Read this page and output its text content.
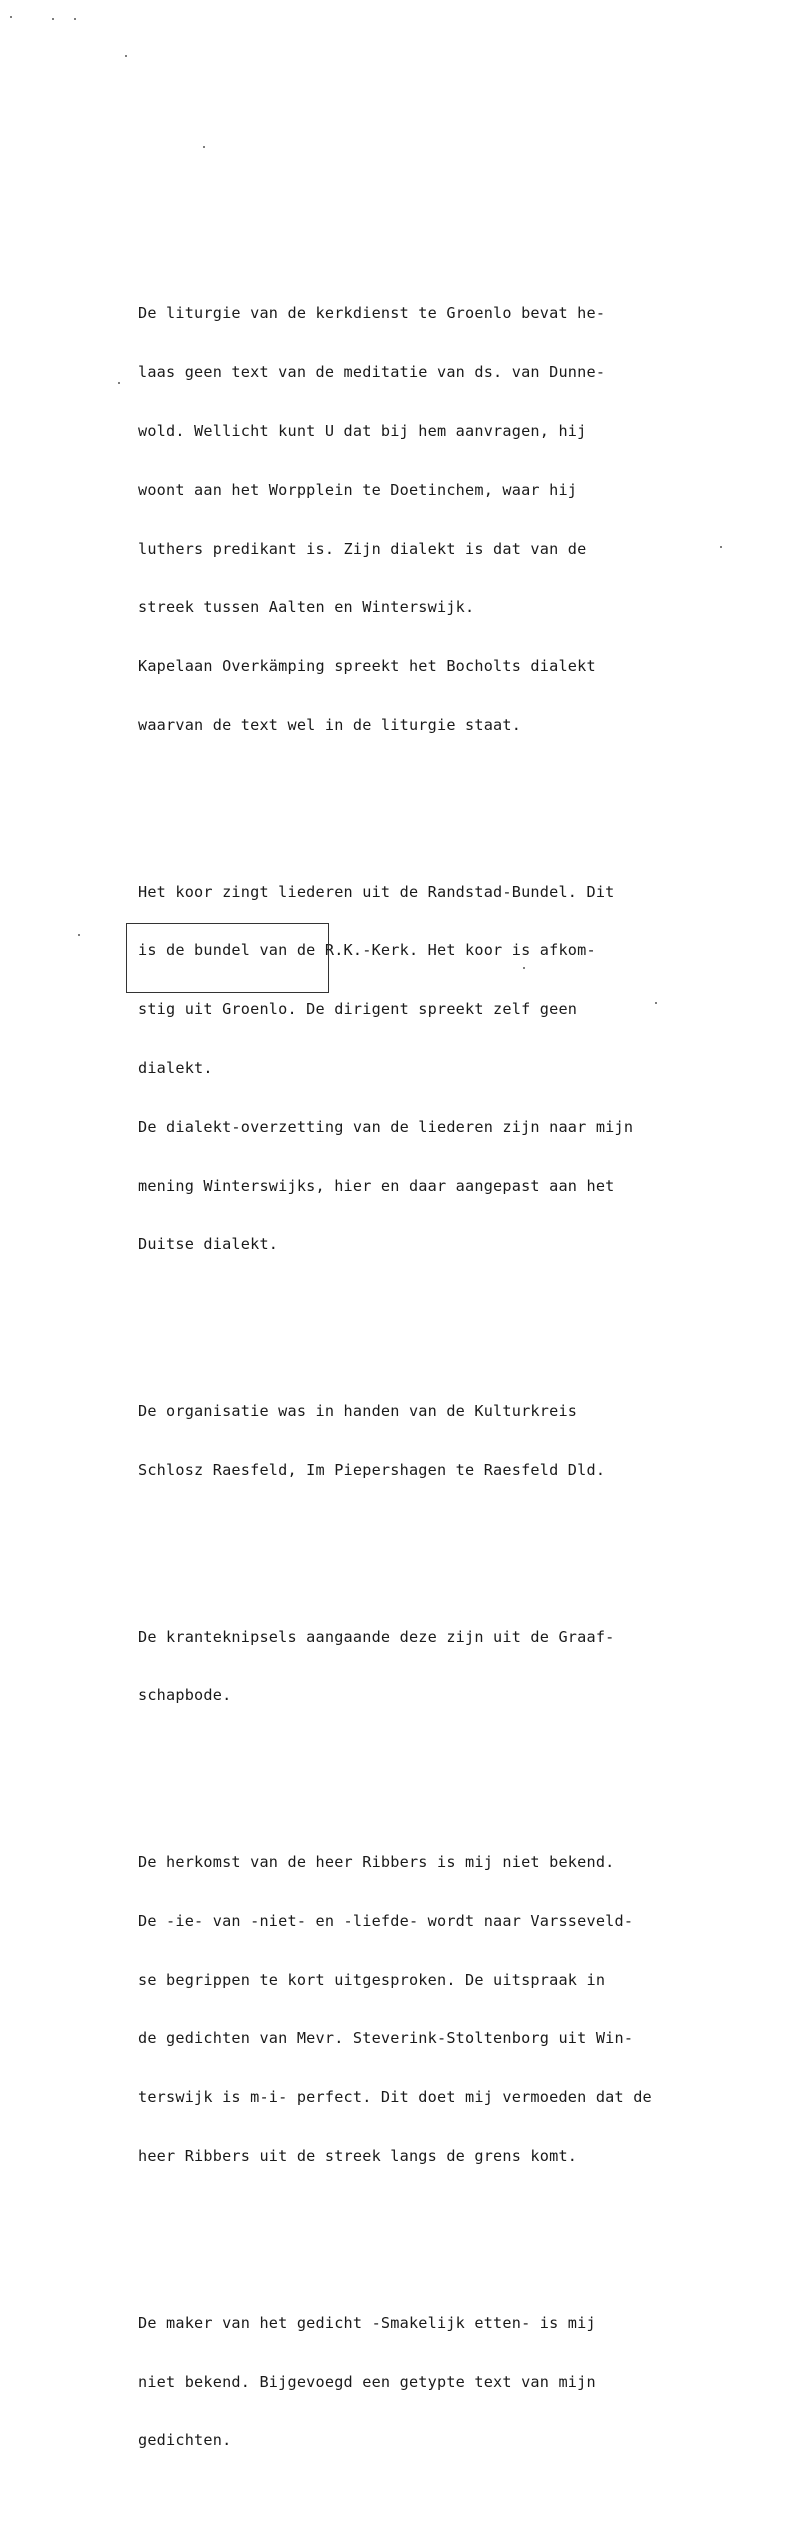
De liturgie van de kerkdienst te Groenlo bevat he-

laas geen text van de meditatie van ds. van Dunne-

wold. Wellicht kunt U dat bij hem aanvragen, hij

woont aan het Worpplein te Doetinchem, waar hij

luthers predikant is. Zijn dialekt is dat van de

streek tussen Aalten en Winterswijk.

Kapelaan Overkämping spreekt het Bocholts dialekt

waarvan de text wel in de liturgie staat.

Het koor zingt liederen uit de Randstad-Bundel. Dit

is de bundel van de R.K.-Kerk. Het koor is afkom-

stig uit Groenlo. De dirigent spreekt zelf geen

dialekt.

De dialekt-overzetting van de liederen zijn naar mijn

mening Winterswijks, hier en daar aangepast aan het

Duitse dialekt.

De organisatie was in handen van de Kulturkreis

Schlosz Raesfeld, Im Piepershagen te Raesfeld Dld.

De kranteknipsels aangaande deze zijn uit de Graaf-

schapbode.

De herkomst van de heer Ribbers is mij niet bekend.

De -ie- van -niet- en -liefde- wordt naar Varsseveld-

se begrippen te kort uitgesproken. De uitspraak in

de gedichten van Mevr. Steverink-Stoltenborg uit Win-

terswijk is m-i- perfect. Dit doet mij vermoeden dat de

heer Ribbers uit de streek langs de grens komt.

De maker van het gedicht -Smakelijk etten- is mij

niet bekend. Bijgevoegd een getypte text van mijn

gedichten.
